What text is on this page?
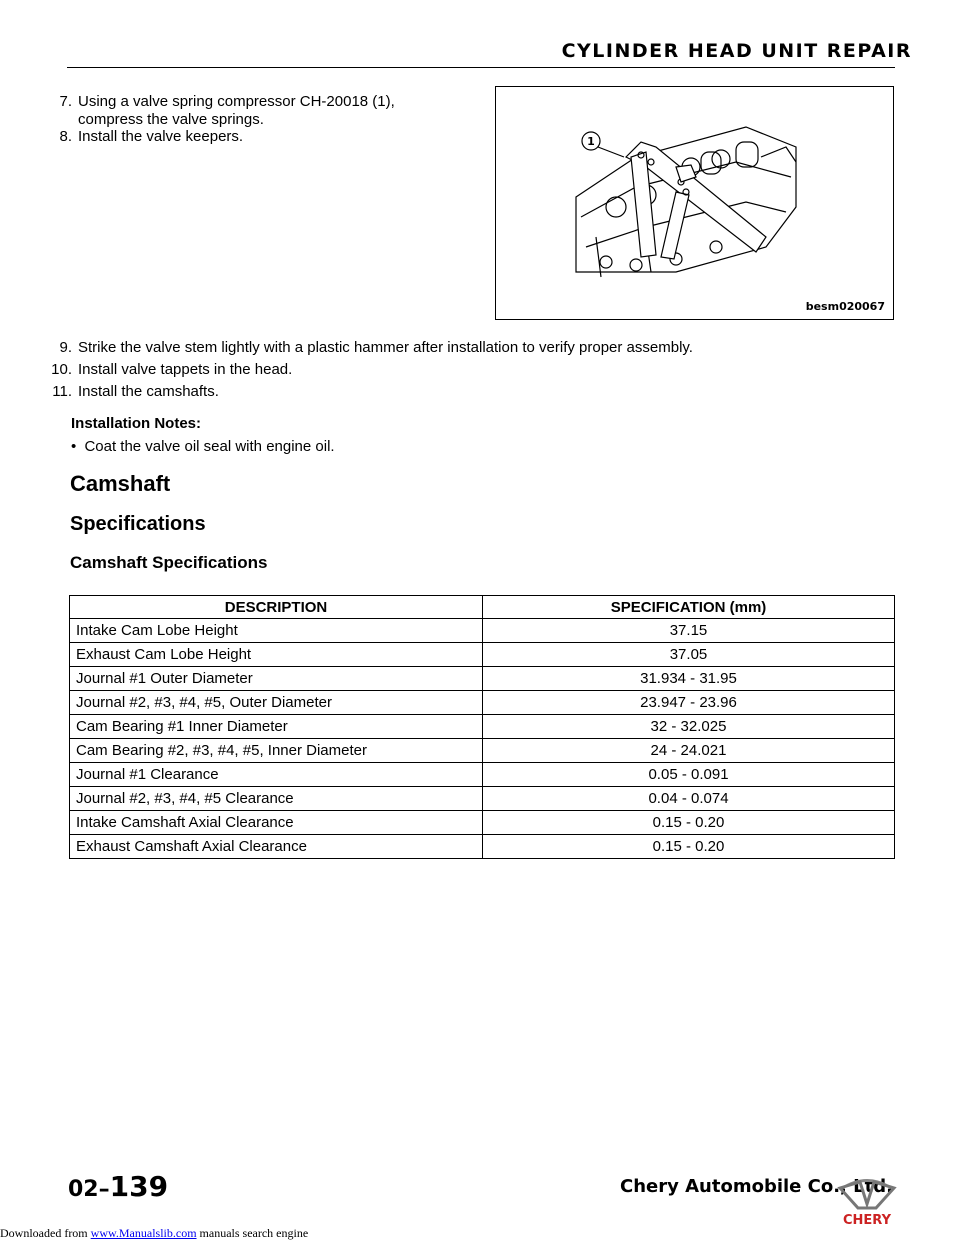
CYLINDER HEAD UNIT REPAIR
7. Using a valve spring compressor CH-20018 (1),
compress the valve springs.
8. Install the valve keepers.	1
besm020067
9. Strike the valve stem lightly with a plastic hammer after installation to verify proper assembly.
10. Install valve tappets in the head.
11. Install the camshafts.
Installation Notes:
• Coat the valve oil seal with engine oil.
Camshaft
Specifications
Camshaft Specifications
DESCRIPTION	SPECIFICATION (mm)
Intake Cam Lobe Height	37.15
Exhaust Cam Lobe Height	37.05
Journal #1 Outer Diameter	31.934 - 31.95
Journal #2, #3, #4, #5, Outer Diameter	23.947 - 23.96
Cam Bearing #1 Inner Diameter	32 - 32.025
Cam Bearing #2, #3, #4, #5, Inner Diameter	24 - 24.021
Journal #1 Clearance	0.05 - 0.091
Journal #2, #3, #4, #5 Clearance	0.04 - 0.074
Intake Camshaft Axial Clearance	0.15 - 0.20
Exhaust Camshaft Axial Clearance	0.15 - 0.20
02–139	Chery Automobile Co., Ltd.
CHERY
Downloaded from www.Manualslib.com manuals search engine
